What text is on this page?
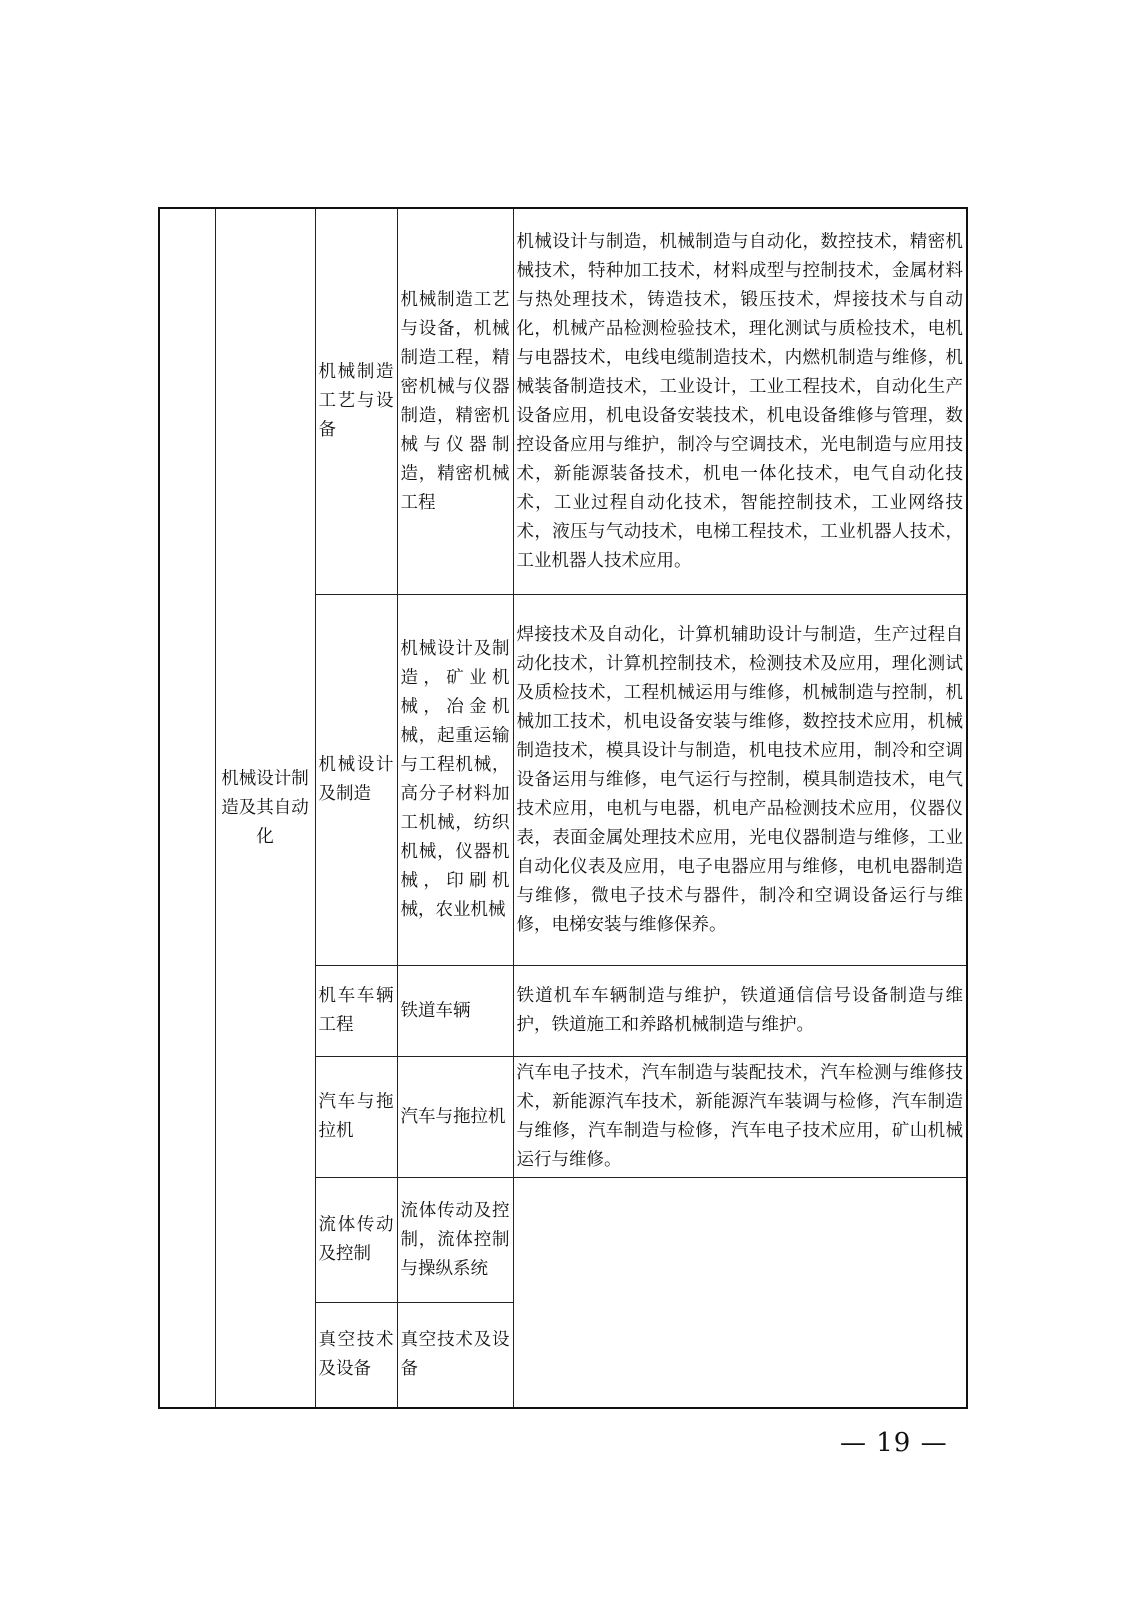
	机械设计制造及其自动化	机械制造工艺与设备	机械制造工艺与设备，机械制造工程，精密机械与仪器制造，精密机械与仪器制造，精密机械工程	机械设计与制造，机械制造与自动化，数控技术，精密机械技术，特种加工技术，材料成型与控制技术，金属材料与热处理技术，铸造技术，锻压技术，焊接技术与自动化，机械产品检测检验技术，理化测试与质检技术，电机与电器技术，电线电缆制造技术，内燃机制造与维修，机械装备制造技术，工业设计，工业工程技术，自动化生产设备应用，机电设备安装技术，机电设备维修与管理，数控设备应用与维护，制冷与空调技术，光电制造与应用技术，新能源装备技术，机电一体化技术，电气自动化技术，工业过程自动化技术，智能控制技术，工业网络技术，液压与气动技术，电梯工程技术，工业机器人技术，工业机器人技术应用。
		机械设计及制造	机械设计及制造，矿业机械，冶金机械，起重运输与工程机械，高分子材料加工机械，纺织机械，仪器机械，印刷机械，农业机械	焊接技术及自动化，计算机辅助设计与制造，生产过程自动化技术，计算机控制技术，检测技术及应用，理化测试及质检技术，工程机械运用与维修，机械制造与控制，机械加工技术，机电设备安装与维修，数控技术应用，机械制造技术，模具设计与制造，机电技术应用，制冷和空调设备运用与维修，电气运行与控制，模具制造技术，电气技术应用，电机与电器，机电产品检测技术应用，仪器仪表，表面金属处理技术应用，光电仪器制造与维修，工业自动化仪表及应用，电子电器应用与维修，电机电器制造与维修，微电子技术与器件，制冷和空调设备运行与维修，电梯安装与维修保养。
		机车车辆工程	铁道车辆	铁道机车车辆制造与维护，铁道通信信号设备制造与维护，铁道施工和养路机械制造与维护。
		汽车与拖拉机	汽车与拖拉机	汽车电子技术，汽车制造与装配技术，汽车检测与维修技术，新能源汽车技术，新能源汽车装调与检修，汽车制造与维修，汽车制造与检修，汽车电子技术应用，矿山机械运行与维修。
		流体传动及控制	流体传动及控制，流体控制与操纵系统	
		真空技术及设备	真空技术及设备	
— 19 —
